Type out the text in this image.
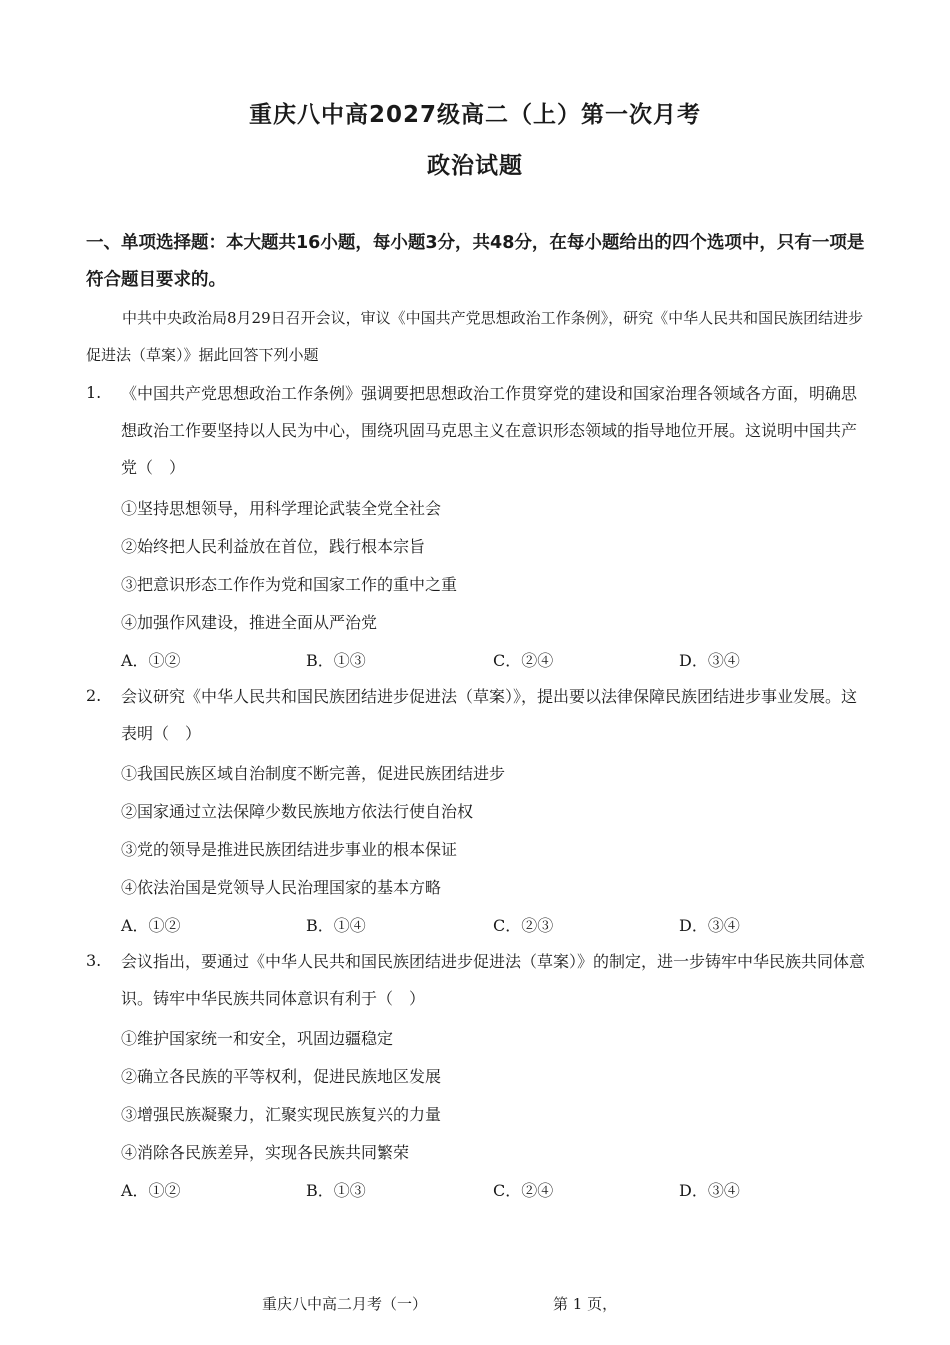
重庆八中高2027级高二（上）第一次月考
政治试题
一、单项选择题：本大题共16小题，每小题3分，共48分，在每小题给出的四个选项中，只有一项是符合题目要求的。
中共中央政治局8月29日召开会议，审议《中国共产党思想政治工作条例》，研究《中华人民共和国民族团结进步促进法（草案）》据此回答下列小题
1. 《中国共产党思想政治工作条例》强调要把思想政治工作贯穿党的建设和国家治理各领域各方面，明确思想政治工作要坚持以人民为中心，围绕巩固马克思主义在意识形态领域的指导地位开展。这说明中国共产党（　）
①坚持思想领导，用科学理论武装全党全社会
②始终把人民利益放在首位，践行根本宗旨
③把意识形态工作作为党和国家工作的重中之重
④加强作风建设，推进全面从严治党
A．①②	B．①③	C．②④	D．③④
2. 会议研究《中华人民共和国民族团结进步促进法（草案）》，提出要以法律保障民族团结进步事业发展。这表明（　）
①我国民族区域自治制度不断完善，促进民族团结进步
②国家通过立法保障少数民族地方依法行使自治权
③党的领导是推进民族团结进步事业的根本保证
④依法治国是党领导人民治理国家的基本方略
A．①②	B．①④	C．②③	D．③④
3. 会议指出，要通过《中华人民共和国民族团结进步促进法（草案）》的制定，进一步铸牢中华民族共同体意识。铸牢中华民族共同体意识有利于（　）
①维护国家统一和安全，巩固边疆稳定
②确立各民族的平等权利，促进民族地区发展
③增强民族凝聚力，汇聚实现民族复兴的力量
④消除各民族差异，实现各民族共同繁荣
A．①②	B．①③	C．②④	D．③④
重庆八中高二月考（一）	第 1 页，
